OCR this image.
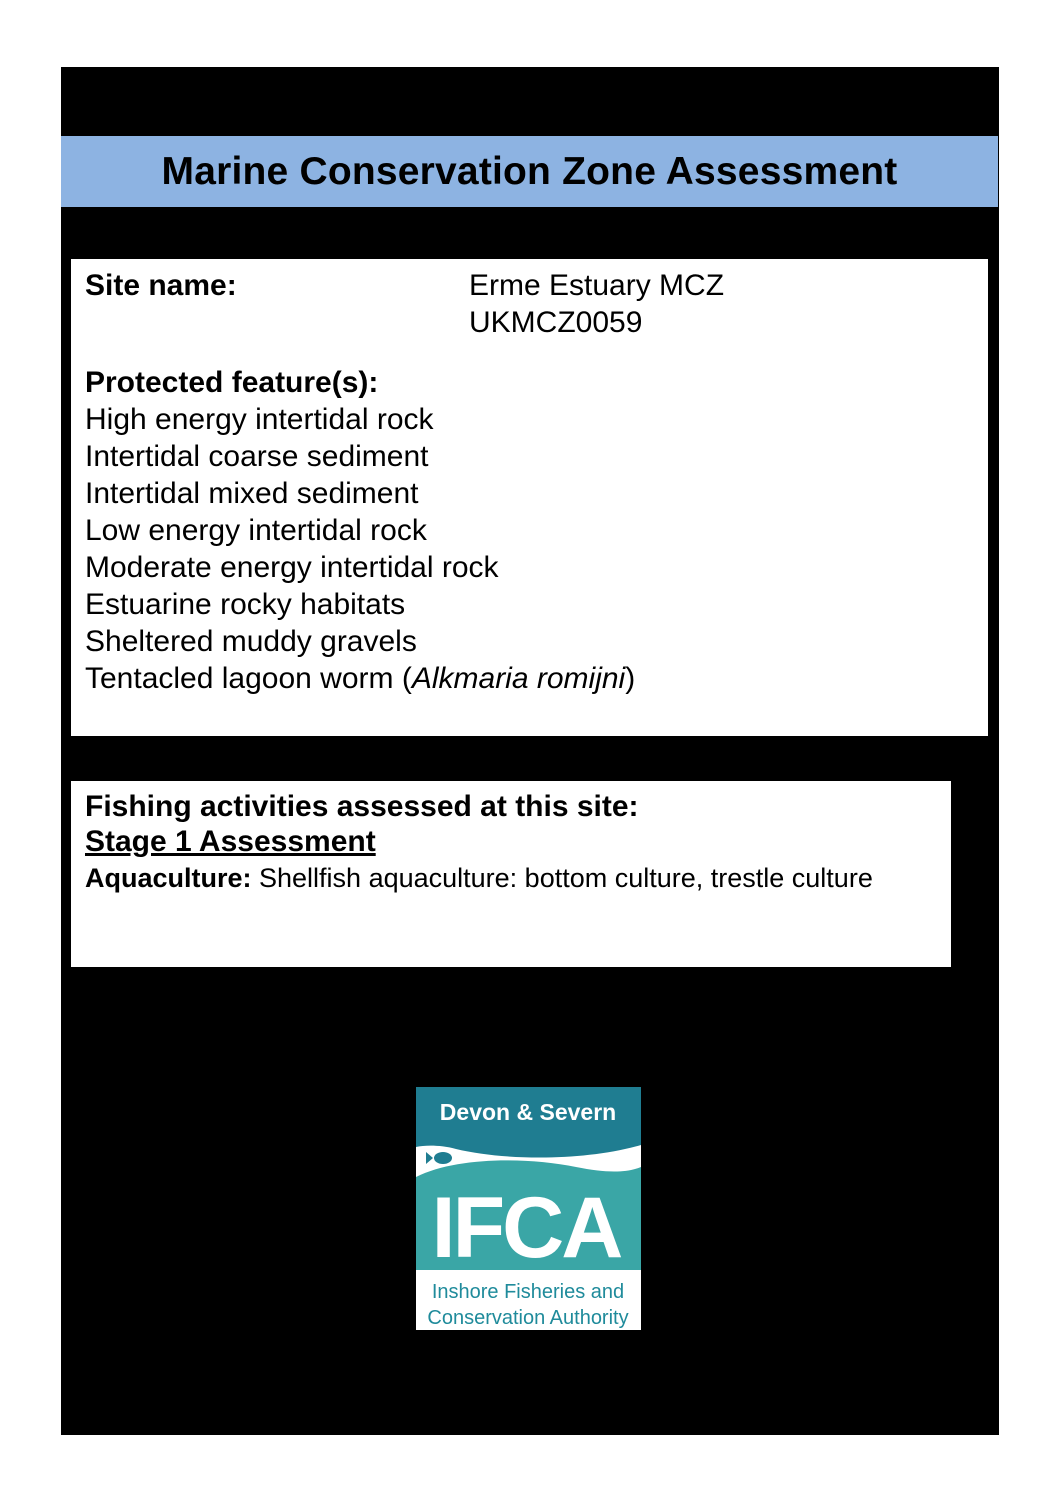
Marine Conservation Zone Assessment
Site name:	Erme Estuary MCZ
UKMCZ0059
Protected feature(s):
High energy intertidal rock
Intertidal coarse sediment
Intertidal mixed sediment
Low energy intertidal rock
Moderate energy intertidal rock
Estuarine rocky habitats
Sheltered muddy gravels
Tentacled lagoon worm (Alkmaria romijni)
Fishing activities assessed at this site:
Stage 1 Assessment
Aquaculture: Shellfish aquaculture: bottom culture, trestle culture
Devon & Severn
IFCA
Inshore Fisheries and
Conservation Authority
